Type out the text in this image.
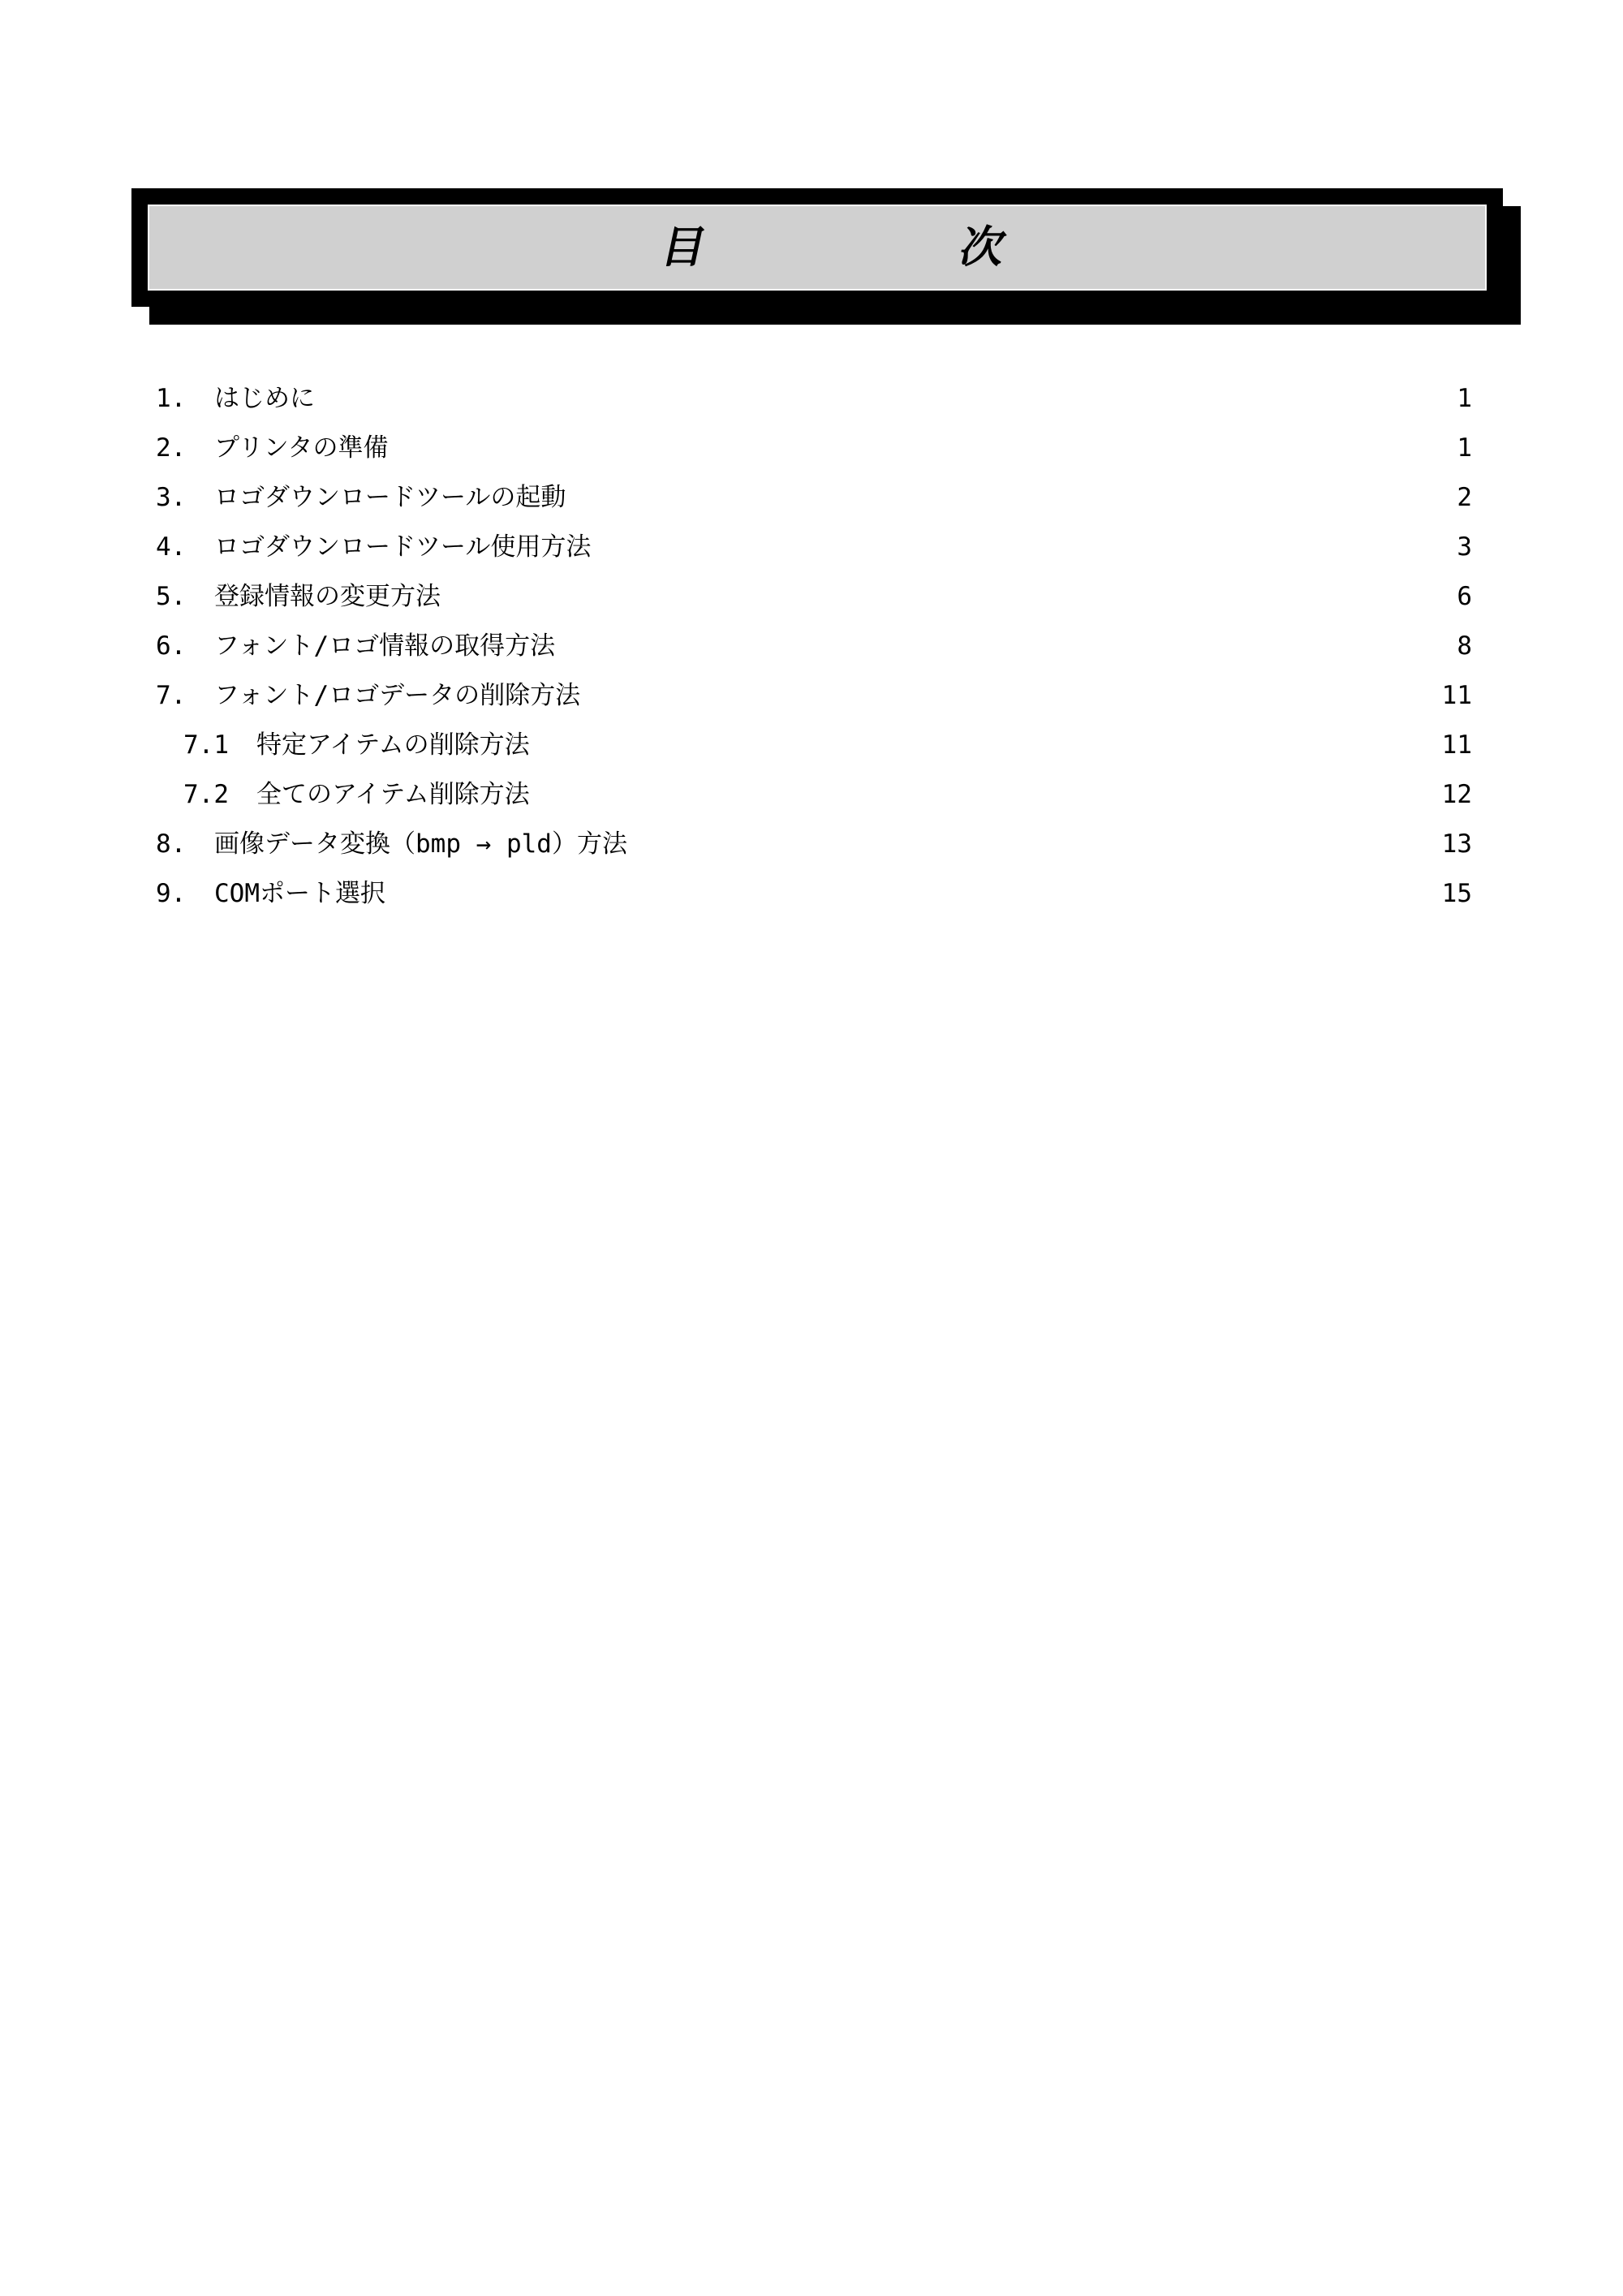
目	次
1.	はじめに	1
2.	プリンタの準備	1
3.	ロゴダウンロードツールの起動	2
4.	ロゴダウンロードツール使用方法	3
5.	登録情報の変更方法	6
6.	フォント/ロゴ情報の取得方法	8
7.	フォント/ロゴデータの削除方法	11
7.1	特定アイテムの削除方法	11
7.2	全てのアイテム削除方法	12
8.	画像データ変換（bmp → pld）方法	13
9.	COMポート選択	15
